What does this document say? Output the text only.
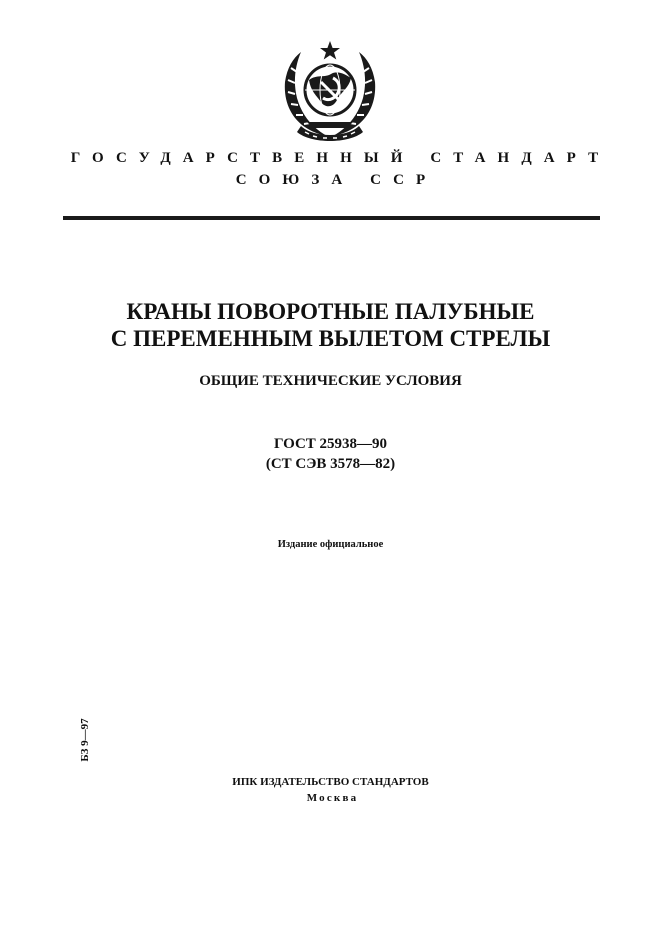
ГОСУДАРСТВЕННЫЙ СТАНДАРТ
СОЮЗА ССР
КРАНЫ ПОВОРОТНЫЕ ПАЛУБНЫЕ
С ПЕРЕМЕННЫМ ВЫЛЕТОМ СТРЕЛЫ
ОБЩИЕ ТЕХНИЧЕСКИЕ УСЛОВИЯ
ГОСТ 25938—90
(СТ СЭВ 3578—82)
Издание официальное
БЗ 9—97
ИПК ИЗДАТЕЛЬСТВО СТАНДАРТОВ
Москва
